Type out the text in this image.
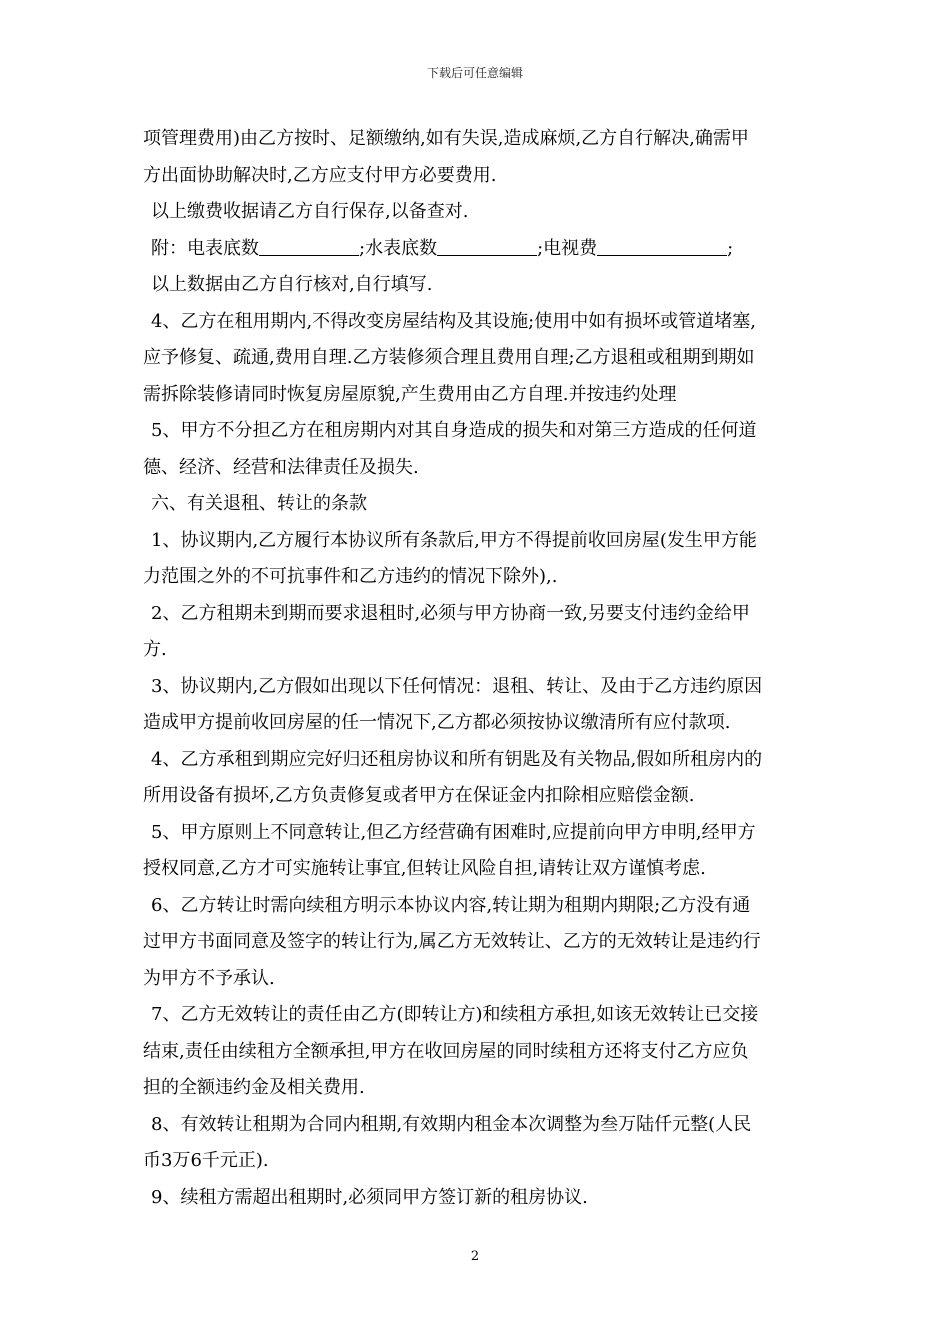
下载后可任意编辑
项管理费用)由乙方按时、足额缴纳,如有失误,造成麻烦,乙方自行解决,确需甲
方出面协助解决时,乙方应支付甲方必要费用.
以上缴费收据请乙方自行保存,以备查对.
附：电表底数	;水表底数	;电视费	;
以上数据由乙方自行核对,自行填写.
4、乙方在租用期内,不得改变房屋结构及其设施;使用中如有损坏或管道堵塞,
应予修复、疏通,费用自理.乙方装修须合理且费用自理;乙方退租或租期到期如
需拆除装修请同时恢复房屋原貌,产生费用由乙方自理.并按违约处理
5、甲方不分担乙方在租房期内对其自身造成的损失和对第三方造成的任何道
德、经济、经营和法律责任及损失.
六、有关退租、转让的条款
1、协议期内,乙方履行本协议所有条款后,甲方不得提前收回房屋(发生甲方能
力范围之外的不可抗事件和乙方违约的情况下除外),.
2、乙方租期未到期而要求退租时,必须与甲方协商一致,另要支付违约金给甲
方.
3、协议期内,乙方假如出现以下任何情况：退租、转让、及由于乙方违约原因
造成甲方提前收回房屋的任一情况下,乙方都必须按协议缴清所有应付款项.
4、乙方承租到期应完好归还租房协议和所有钥匙及有关物品,假如所租房内的
所用设备有损坏,乙方负责修复或者甲方在保证金内扣除相应赔偿金额.
5、甲方原则上不同意转让,但乙方经营确有困难时,应提前向甲方申明,经甲方
授权同意,乙方才可实施转让事宜,但转让风险自担,请转让双方谨慎考虑.
6、乙方转让时需向续租方明示本协议内容,转让期为租期内期限;乙方没有通
过甲方书面同意及签字的转让行为,属乙方无效转让、乙方的无效转让是违约行
为甲方不予承认.
7、乙方无效转让的责任由乙方(即转让方)和续租方承担,如该无效转让已交接
结束,责任由续租方全额承担,甲方在收回房屋的同时续租方还将支付乙方应负
担的全额违约金及相关费用.
8、有效转让租期为合同内租期,有效期内租金本次调整为叁万陆仟元整(人民
币3万6千元正).
9、续租方需超出租期时,必须同甲方签订新的租房协议.
2
